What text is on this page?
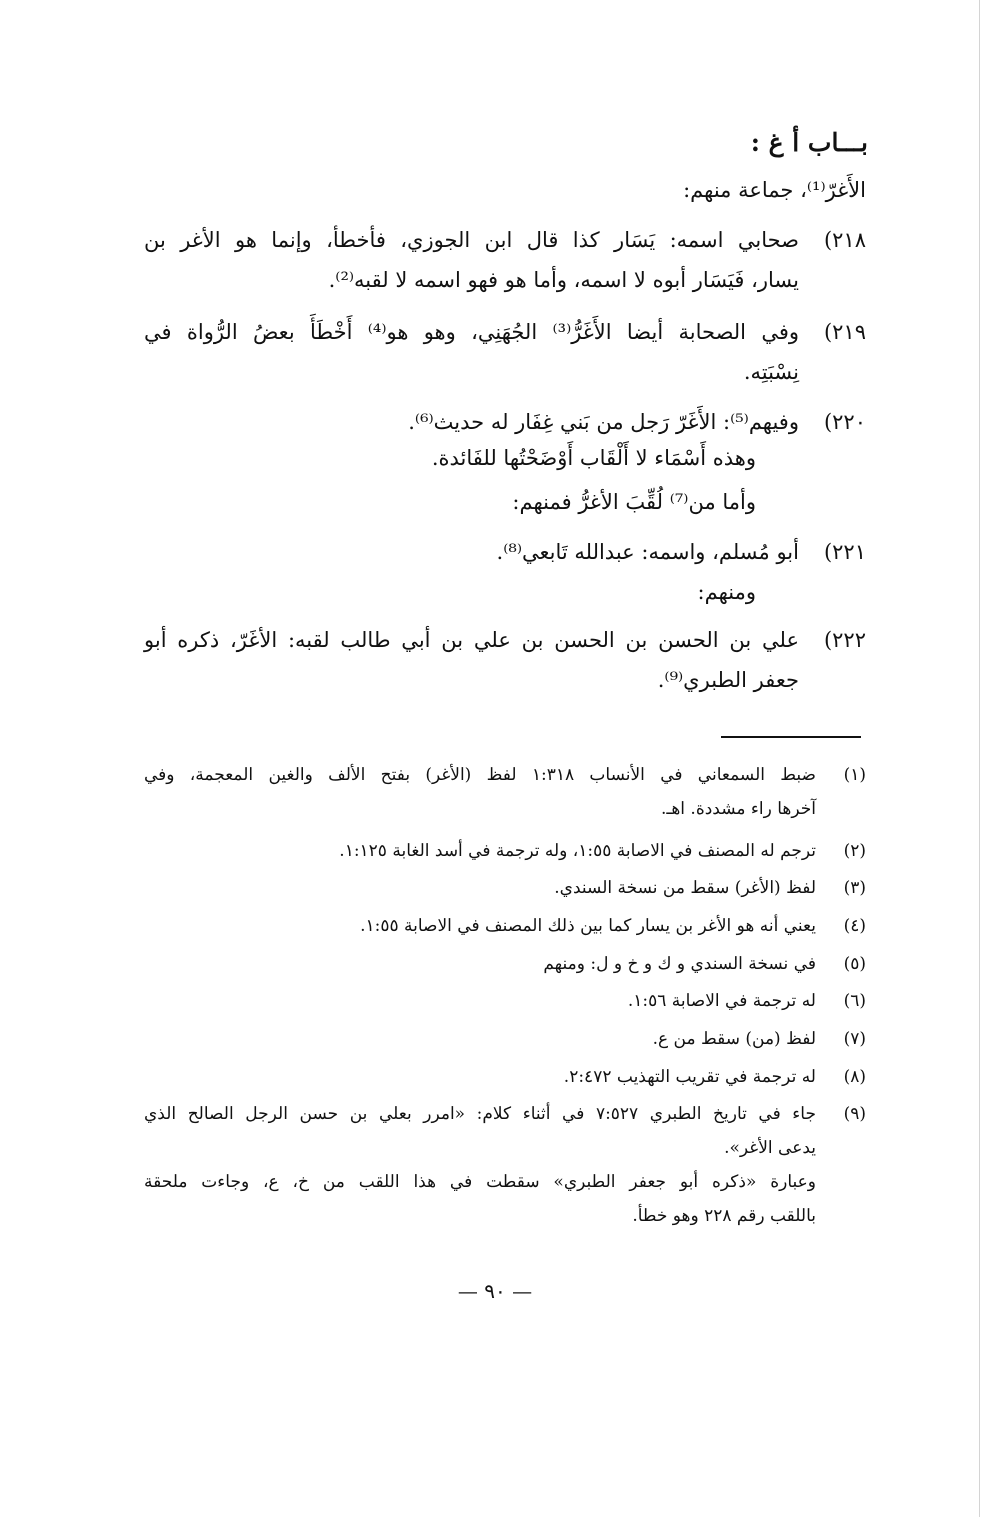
بـــاب أ غ :
الأَغرّ⁽¹⁾، جماعة منهم:
٢١٨)
صحابي اسمه: يَسَار كذا قال ابن الجوزي، فأخطأ، وإنما هو الأغر بن
يسار، فَيَسَار أبوه لا اسمه، وأما هو فهو اسمه لا لقبه⁽²⁾.
٢١٩)
وفي الصحابة أيضا الأَغَرُّ⁽³⁾ الجُهَنِي، وهو هو⁽⁴⁾ أَخْطَأَ بعضُ الرُّواة في
نِسْبَتِه.
٢٢٠)
وفيهم⁽⁵⁾: الأَغَرّ رَجل من بَني غِفَار له حديث⁽⁶⁾.
وهذه أَسْمَاء لا أَلْقَاب أَوْضَحْتُها للفَائدة.
وأما من⁽⁷⁾ لُقِّبَ الأغرُّ فمنهم:
٢٢١)
أبو مُسلم، واسمه: عبدالله تَابعي⁽⁸⁾.
ومنهم:
٢٢٢)
علي بن الحسن بن الحسن بن علي بن أبي طالب لقبه: الأغَرّ، ذكره أبو
جعفر الطبري⁽⁹⁾.
(١)
ضبط السمعاني في الأنساب ١:٣١٨ لفظ (الأغر) بفتح الألف والغين المعجمة، وفي
آخرها راء مشددة. اهـ.
(٢)
ترجم له المصنف في الاصابة ١:٥٥، وله ترجمة في أسد الغابة ١:١٢٥.
(٣)
لفظ (الأغر) سقط من نسخة السندي.
(٤)
يعني أنه هو الأغر بن يسار كما بين ذلك المصنف في الاصابة ١:٥٥.
(٥)
في نسخة السندي و ك و خ و ل: ومنهم
(٦)
له ترجمة في الاصابة ١:٥٦.
(٧)
لفظ (من) سقط من ع.
(٨)
له ترجمة في تقريب التهذيب ٢:٤٧٢.
(٩)
جاء في تاريخ الطبري ٧:٥٢٧ في أثناء كلام: «امرر بعلي بن حسن الرجل الصالح الذي
يدعى الأغر».
وعبارة «ذكره أبو جعفر الطبري» سقطت في هذا اللقب من خ، ع، وجاءت ملحقة
باللقب رقم ٢٢٨ وهو خطأ.
— ٩٠ —
